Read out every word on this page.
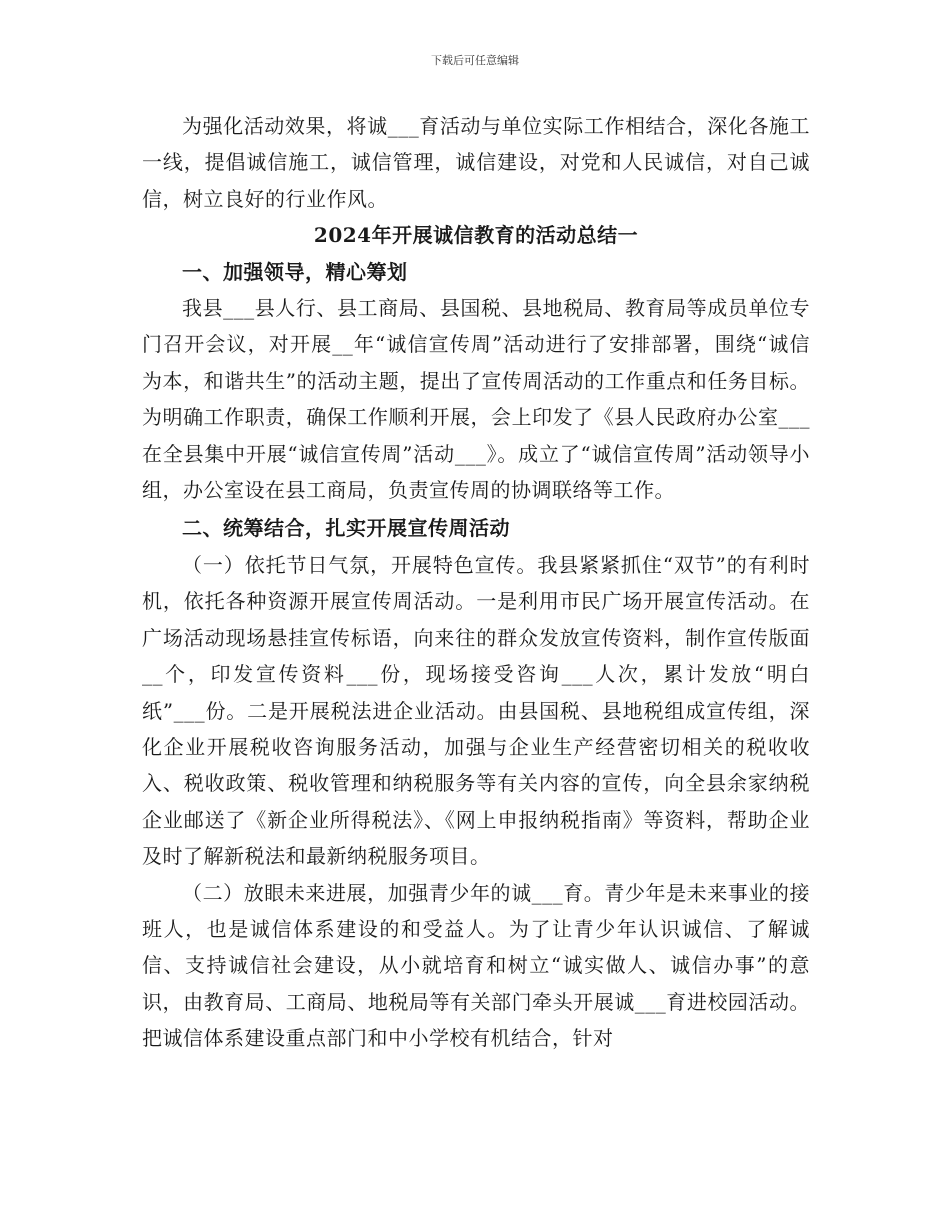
下载后可任意编辑

为强化活动效果，将诚___育活动与单位实际工作相结合，深化各施工一线，提倡诚信施工，诚信管理，诚信建设，对党和人民诚信，对自己诚信，树立良好的行业作风。

2024年开展诚信教育的活动总结一

一、加强领导，精心筹划

我县___县人行、县工商局、县国税、县地税局、教育局等成员单位专门召开会议，对开展__年“诚信宣传周”活动进行了安排部署，围绕“诚信为本，和谐共生”的活动主题，提出了宣传周活动的工作重点和任务目标。为明确工作职责，确保工作顺利开展，会上印发了《县人民政府办公室___在全县集中开展“诚信宣传周”活动___》。成立了“诚信宣传周”活动领导小组，办公室设在县工商局，负责宣传周的协调联络等工作。

二、统筹结合，扎实开展宣传周活动

（一）依托节日气氛，开展特色宣传。我县紧紧抓住“双节”的有利时机，依托各种资源开展宣传周活动。一是利用市民广场开展宣传活动。在广场活动现场悬挂宣传标语，向来往的群众发放宣传资料，制作宣传版面__个，印发宣传资料___份，现场接受咨询___人次，累计发放“明白纸”___份。二是开展税法进企业活动。由县国税、县地税组成宣传组，深化企业开展税收咨询服务活动，加强与企业生产经营密切相关的税收收入、税收政策、税收管理和纳税服务等有关内容的宣传，向全县余家纳税企业邮送了《新企业所得税法》、《网上申报纳税指南》等资料，帮助企业及时了解新税法和最新纳税服务项目。

（二）放眼未来进展，加强青少年的诚___育。青少年是未来事业的接班人，也是诚信体系建设的和受益人。为了让青少年认识诚信、了解诚信、支持诚信社会建设，从小就培育和树立“诚实做人、诚信办事”的意识，由教育局、工商局、地税局等有关部门牵头开展诚___育进校园活动。把诚信体系建设重点部门和中小学校有机结合，针对
